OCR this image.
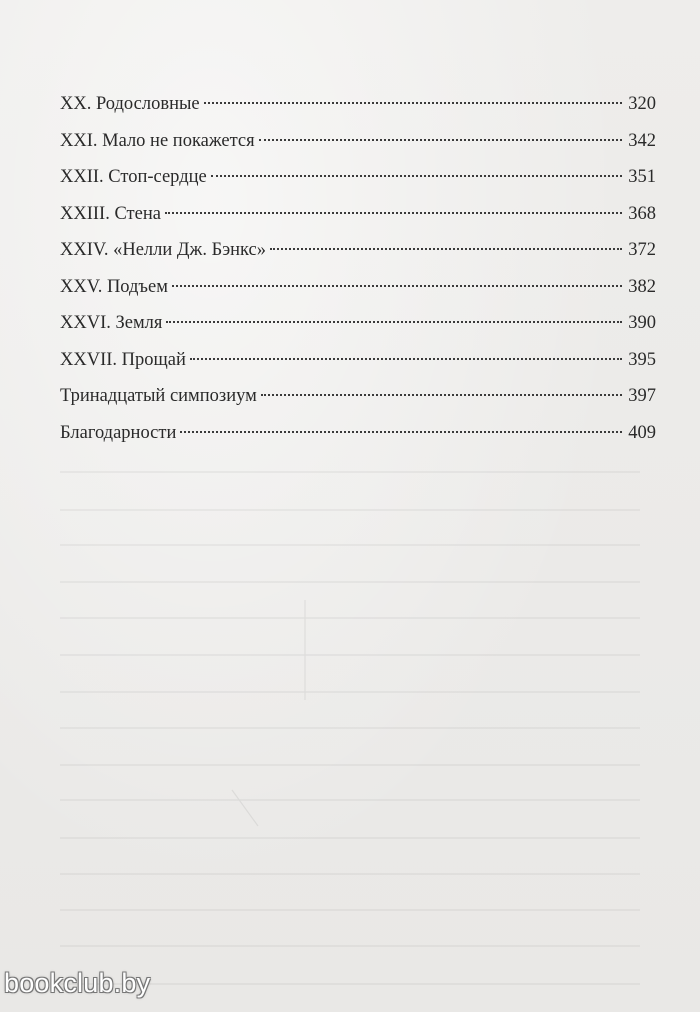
XX. Родословные	320
XXI. Мало не покажется	342
XXII. Стоп-сердце	351
XXIII. Стена	368
XXIV. «Нелли Дж. Бэнкс»	372
XXV. Подъем	382
XXVI. Земля	390
XXVII. Прощай	395
Тринадцатый симпозиум	397
Благодарности	409
bookclub.by
